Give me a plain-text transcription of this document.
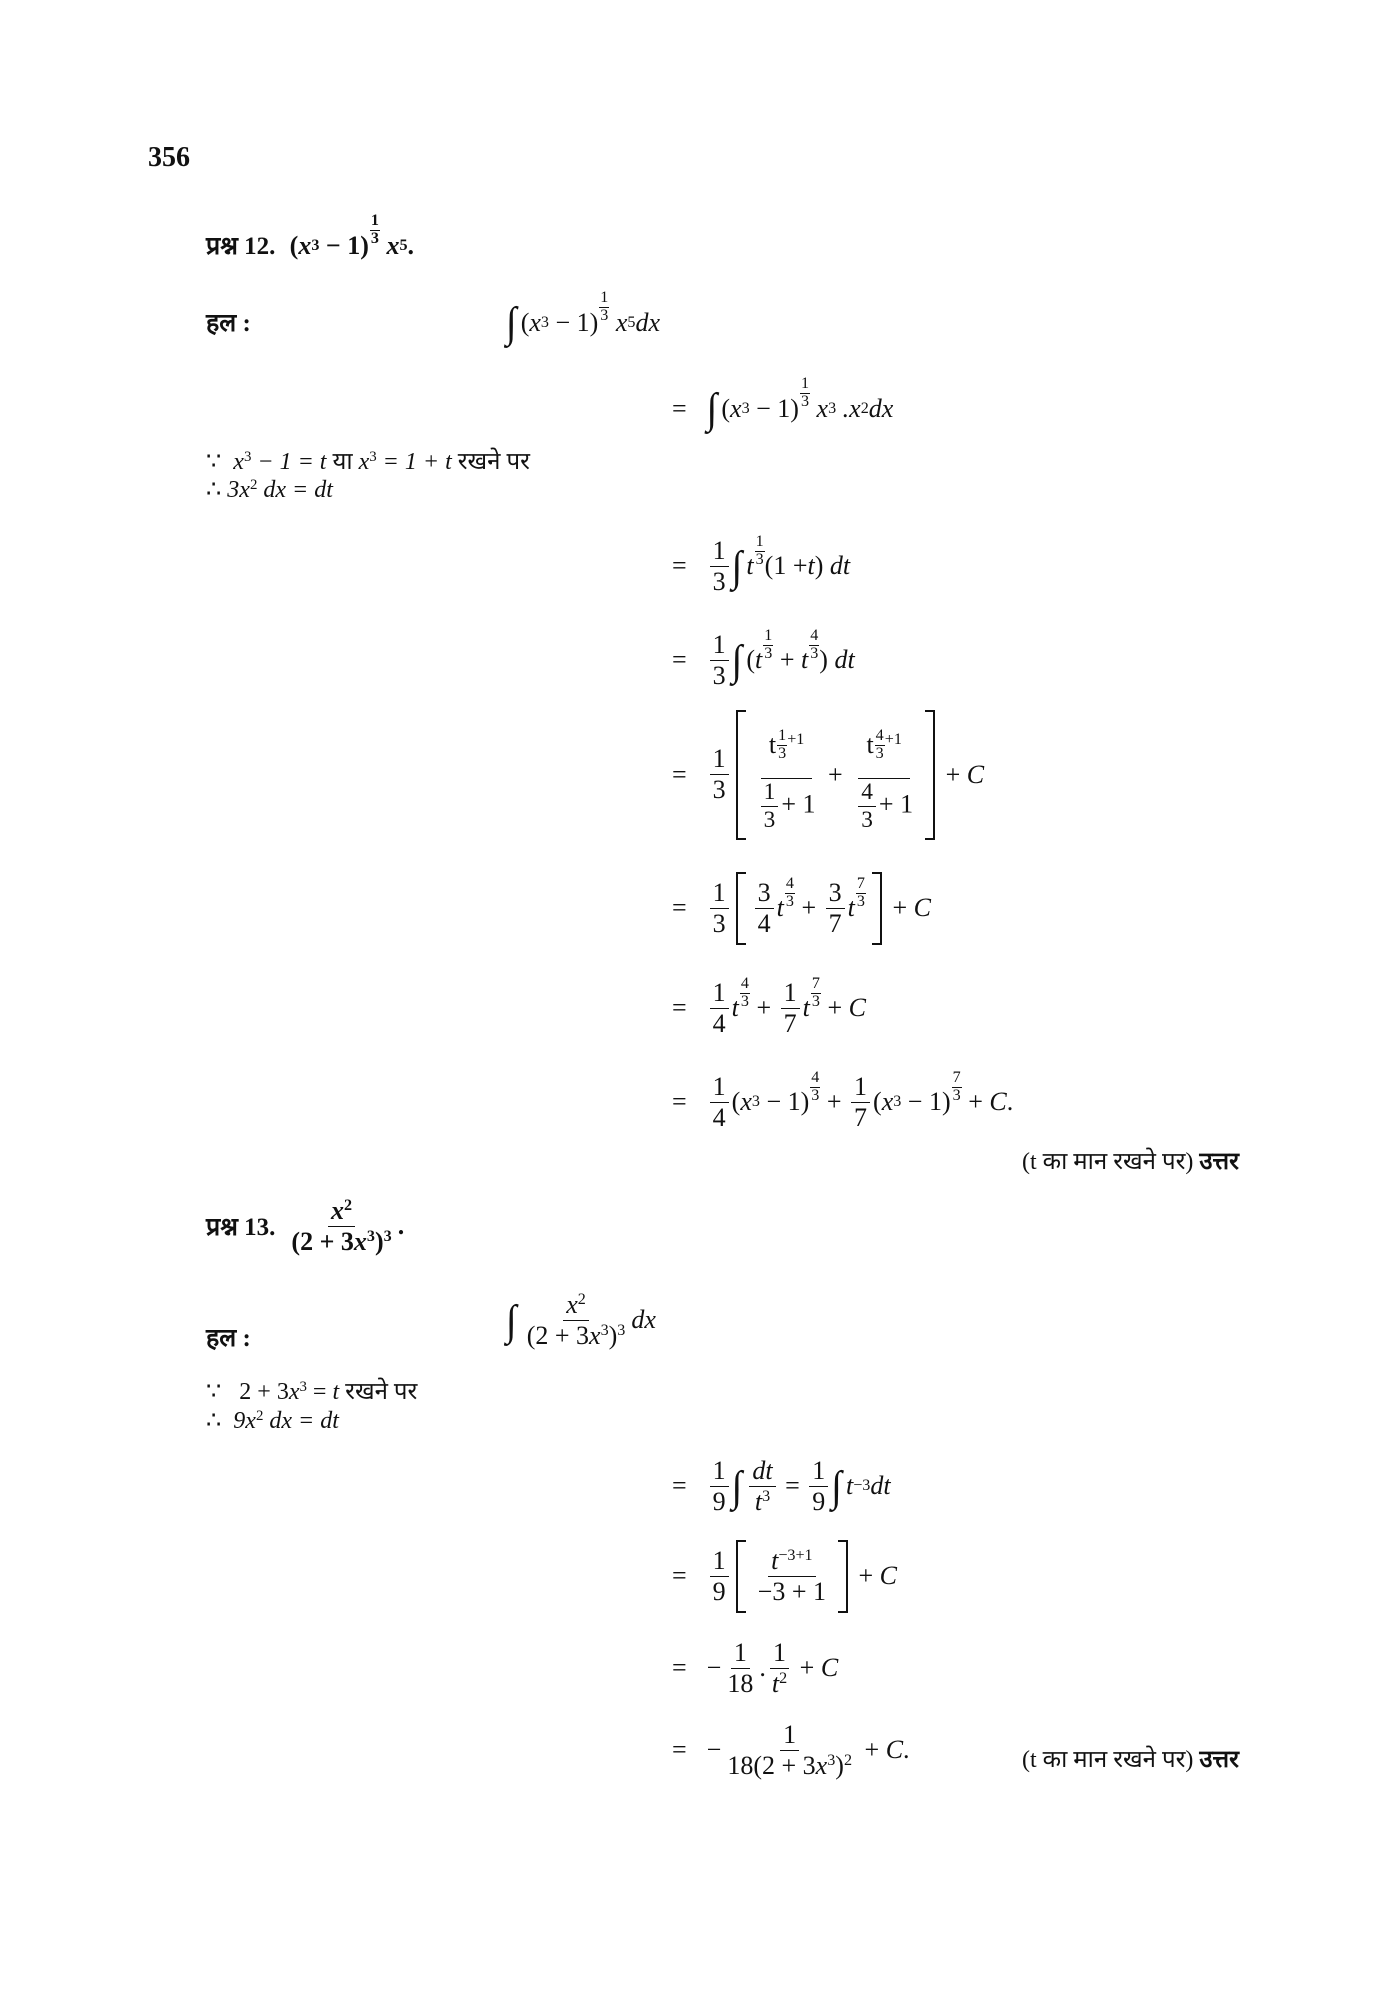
356
प्रश्न 12. ( x 3 − 1)
1
3 x 5 .
हल :	∫ ( x 3 − 1)
1
3 x 5 dx
= ∫ ( x 3 − 1)
1
3 x 3 .x 2 dx
∵  $x^3 - 1 = t$ या $x^3 = 1 + t$ रखने पर
∴ $3x^2$ dx = dt
= $\frac{1}{3}$ ∫ t
1
3 (1 + t ) dt
= $\frac{1}{3}$ ∫ ( t
1
3 + t $\frac{4}{3}$ ) dt
= $\frac{1}{3} \frac{t \frac{1}{3} ^{+1}}{\frac{1}{3} + 1} + \frac{t \frac{4}{3} ^{+1}}{\frac{4}{3} + 1} + C$
= $\frac{1}{3} \frac{3}{4}$ t
4
$3 + \frac{3}{7}$ t
7
3 + C
= $\frac{1}{4}$ t
4
$3 + \frac{1}{7}$ t
7
3 + C
= $\frac{1}{4}$ ( x 3 − 1)
4
$3 + \frac{1}{7}$ ( x 3 − 1)
7
3 + C .
(t का मान रखने पर) उत्तर
प्रश्न 13. $\frac{x^2}{(2 + 3x^3)^3}$ .
हल :	∫ $\frac{x^2}{(2 + 3x^3)^3}$ dx
∵   $2 + 3x^3 = t$ रखने पर
∴  $9x^2$ dx = dt
= $\frac{1}{9}$ ∫ $\frac{dt}{t^3} = \frac{1}{9}$ ∫ t −3 dt
= $\frac{1}{9} \frac{t^{-3+1}}{-3 + 1} + C$
= − $\frac{1}{18}$ . $\frac{1}{t^2} + C$
= − $\frac{1}{18(2 + 3x^3)^2} + C$ .	(t का मान रखने पर) उत्तर
